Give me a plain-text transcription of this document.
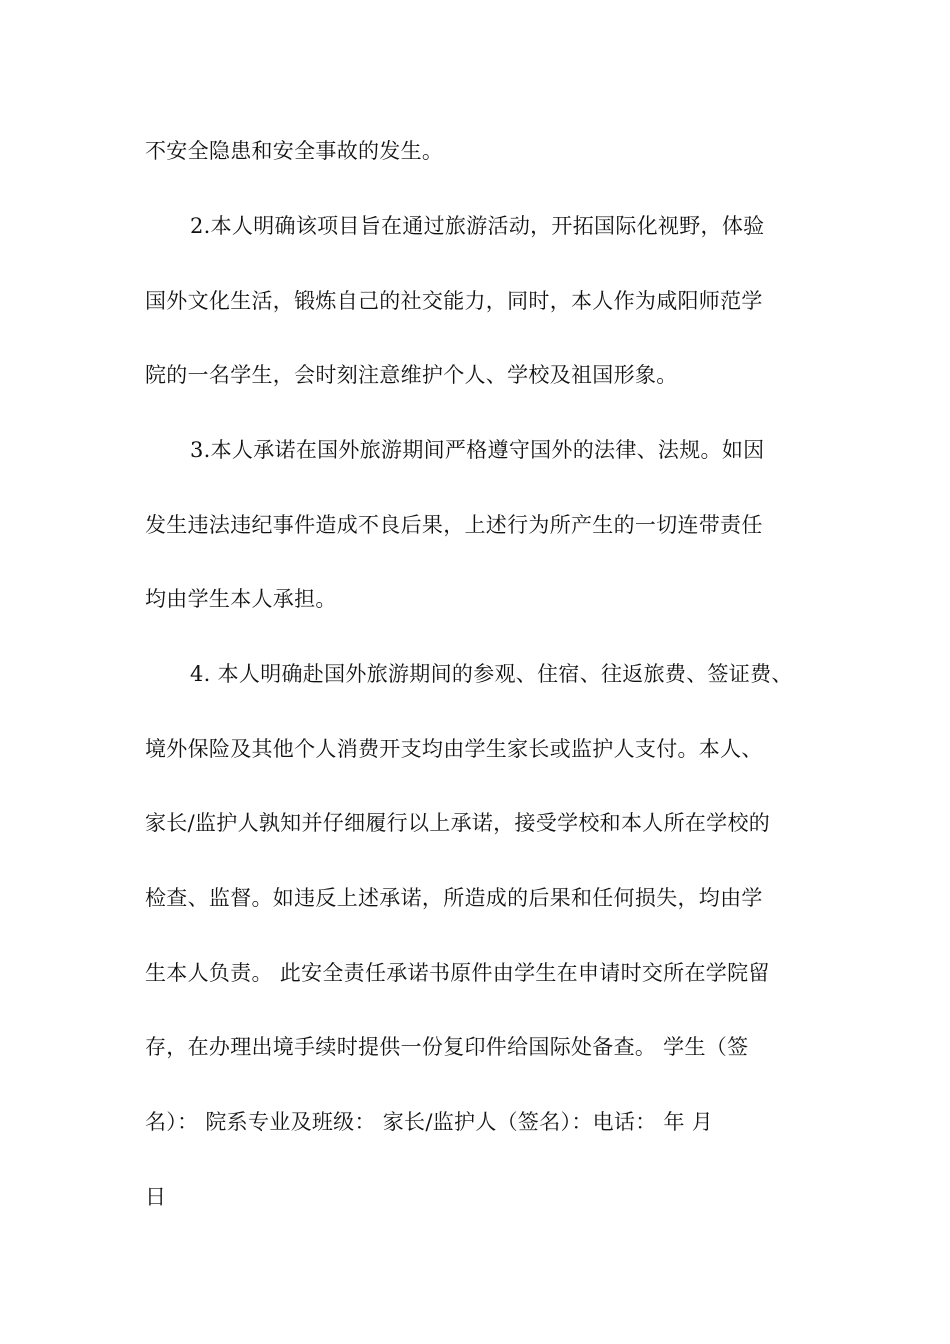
不安全隐患和安全事故的发生。
2.本人明确该项目旨在通过旅游活动，开拓国际化视野，体验
国外文化生活，锻炼自己的社交能力，同时，本人作为咸阳师范学
院的一名学生，会时刻注意维护个人、学校及祖国形象。
3.本人承诺在国外旅游期间严格遵守国外的法律、法规。如因
发生违法违纪事件造成不良后果，上述行为所产生的一切连带责任
均由学生本人承担。
4. 本人明确赴国外旅游期间的参观、住宿、往返旅费、签证费、
境外保险及其他个人消费开支均由学生家长或监护人支付。本人、
家长/监护人孰知并仔细履行以上承诺，接受学校和本人所在学校的
检查、监督。如违反上述承诺，所造成的后果和任何损失，均由学
生本人负责。 此安全责任承诺书原件由学生在申请时交所在学院留
存，在办理出境手续时提供一份复印件给国际处备查。 学生（签
名）： 院系专业及班级： 家长/监护人（签名）：电话： 年 月
日
